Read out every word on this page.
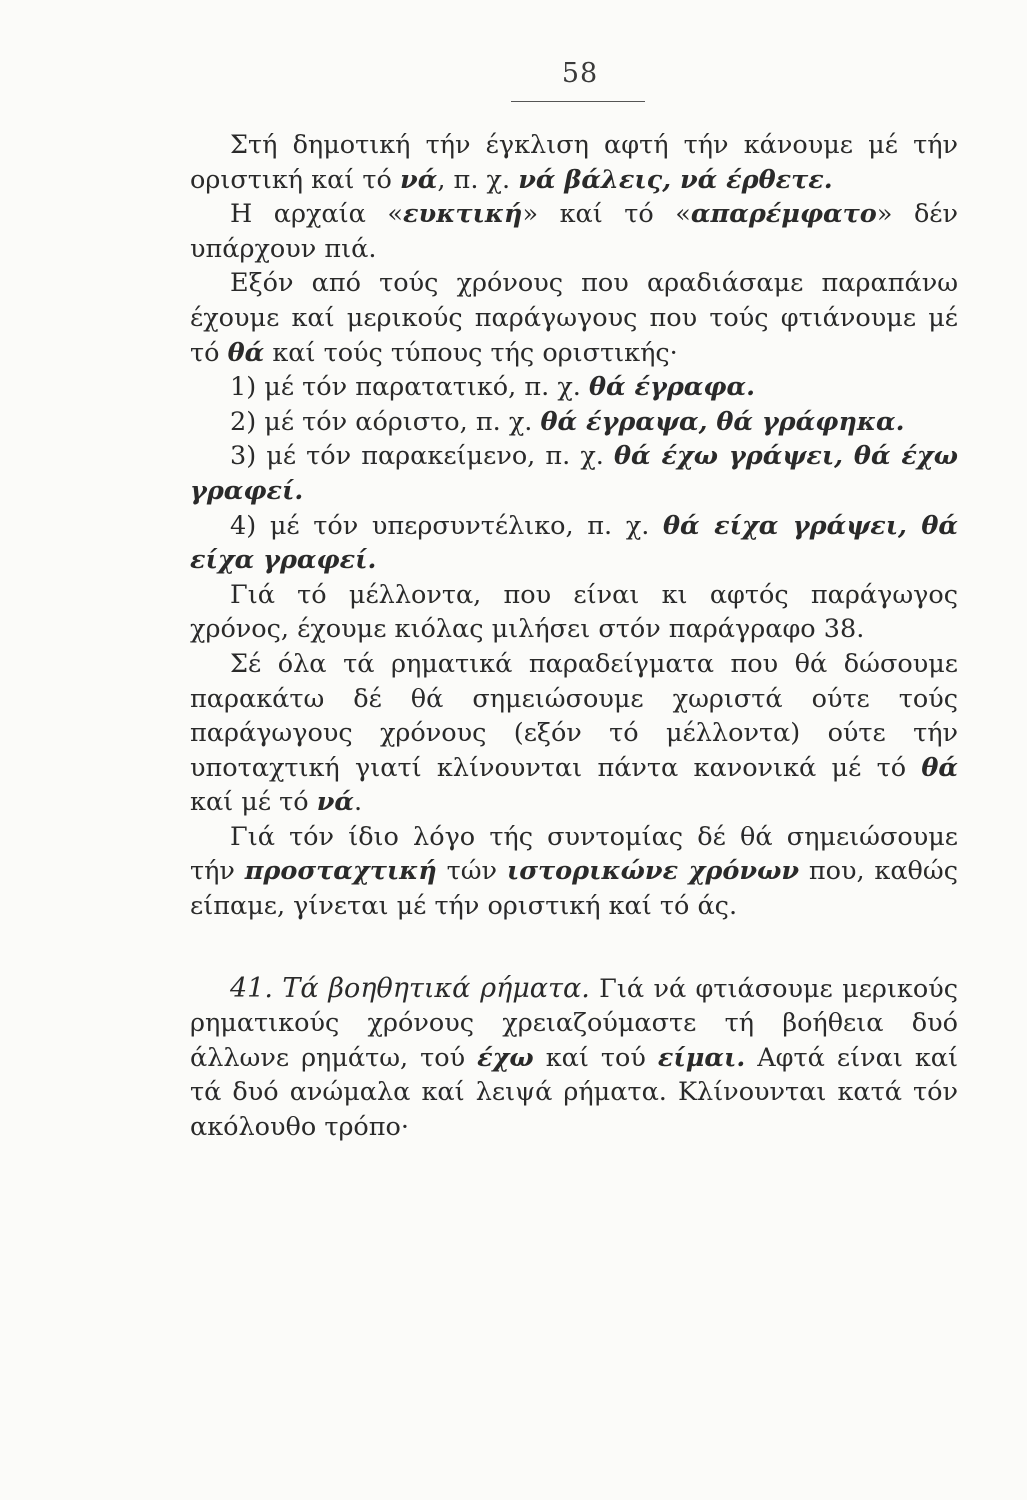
58

Στή δημοτική τήν έγκλιση αφτή τήν κάνουμε μέ τήν οριστική καί τό νά, π. χ. νά βάλεις, νά έρθετε.

Η αρχαία «ευκτική» καί τό «απαρέμφατο» δέν υπάρχουν πιά.

Εξόν από τούς χρόνους που αραδιάσαμε παραπάνω έχουμε καί μερικούς παράγωγους που τούς φτιάνουμε μέ τό θά καί τούς τύπους τής οριστικής·

1) μέ τόν παρατατικό, π. χ. θά έγραφα.

2) μέ τόν αόριστο, π. χ. θά έγραψα, θά γράφηκα.

3) μέ τόν παρακείμενο, π. χ. θά έχω γράψει, θά έχω γραφεί.

4) μέ τόν υπερσυντέλικο, π. χ. θά είχα γράψει, θά είχα γραφεί.

Γιά τό μέλλοντα, που είναι κι αφτός παράγωγος χρόνος, έχουμε κιόλας μιλήσει στόν παράγραφο 38.

Σέ όλα τά ρηματικά παραδείγματα που θά δώσουμε παρακάτω δέ θά σημειώσουμε χωριστά ούτε τούς παράγωγους χρόνους (εξόν τό μέλλοντα) ούτε τήν υποταχτική γιατί κλίνουνται πάντα κανονικά μέ τό θά καί μέ τό νά.

Γιά τόν ίδιο λόγο τής συντομίας δέ θά σημειώσουμε τήν προσταχτική τών ιστορικώνε χρόνων που, καθώς είπαμε, γίνεται μέ τήν οριστική καί τό άς.

41. Tά βοηθητικά ρήματα. Γιά νά φτιάσουμε μερικούς ρηματικούς χρόνους χρειαζούμαστε τή βοήθεια δυό άλλωνε ρημάτω, τού έχω καί τού είμαι. Αφτά είναι καί τά δυό ανώμαλα καί λειψά ρήματα. Κλίνουνται κατά τόν ακόλουθο τρόπο·
